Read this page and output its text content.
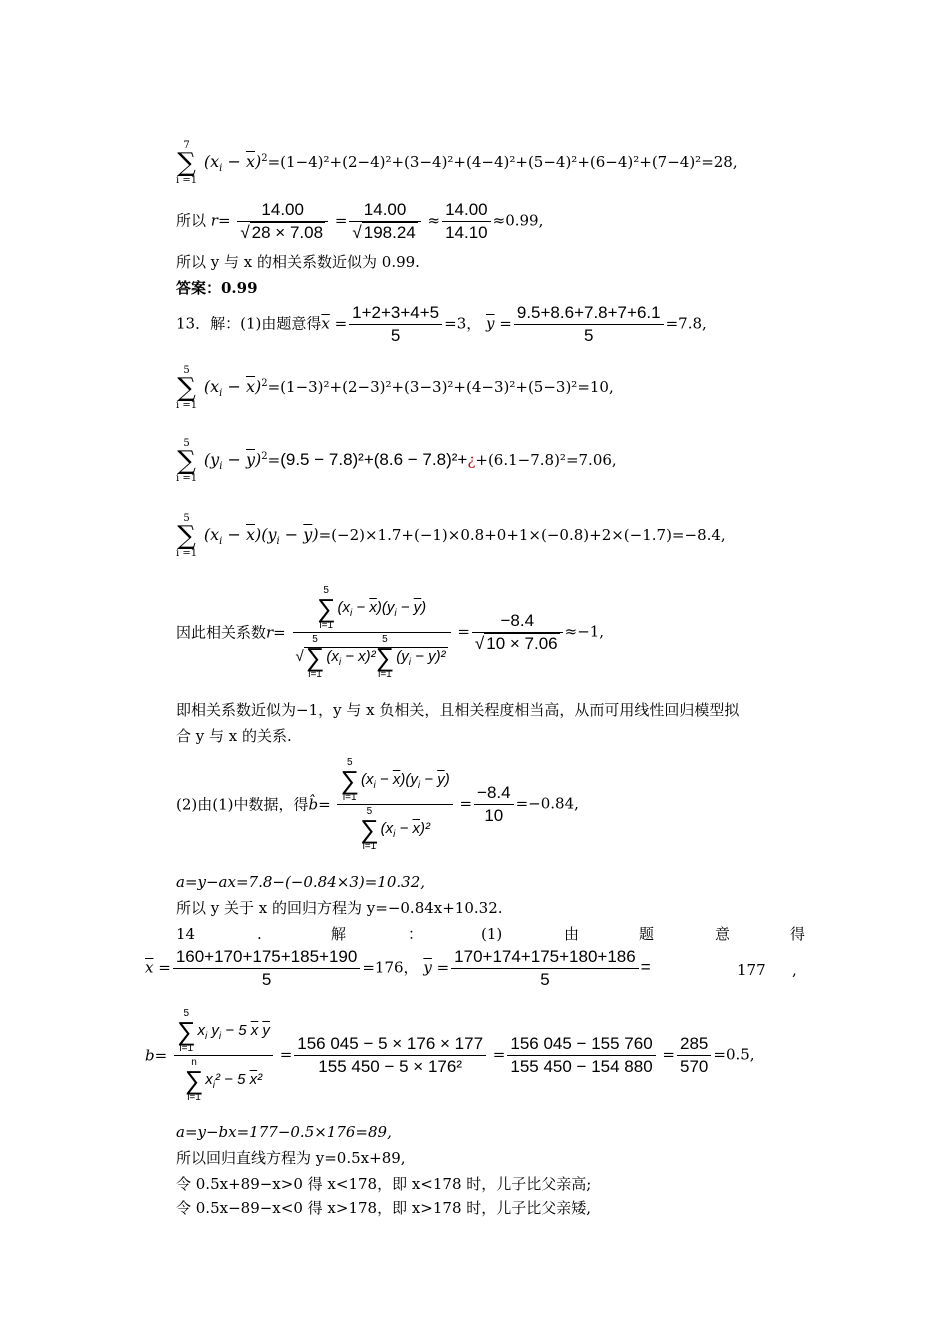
7
∑
i =1
$(x_i - \overline{x})^2=(1-4)^2+(2-4)^2+(3-4)^2+(4-4)^2+(5-4)^2+(6-4)^2+(7-4)^2=28$,
所以 $r= \frac{14.00}{√ 28 \times 7.08} = \frac{14.00}{√ 198.24} \approx \frac{14.00}{14.10} \approx 0.99$,
所以 y 与 x 的相关系数近似为 0.99.
答案：0.99
13．解：(1)由题意得$\overline{x} = \frac{1+2+3+4+5}{5} =3$， $\overline{y} = \frac{9.5+8.6+7.8+7+6.1}{5} =7.8$,
5
∑
i =1
$(x_i - \overline{x})^2=(1-3)^2+(2-3)^2+(3-3)^2+(4-3)^2+(5-3)^2=10$,
5
∑
i =1
$(y_i - \overline{y})^2=(9.5 - 7.8)^2+(8.6$ − 7.8)²+¿+(6.1−7.8)²=7.06,
5
∑
i =1
$(x_i - \overline{x})(y_i - \overline{y})=(-2)\times 1.7+(-1)\times 0.8+0+1\times(-0.8)+2\times(-1.7)=-8.4$,
因此相关系数r= 5
∑
i=1
$(x_i - \overline{x})(y_i - \overline{y})$
√
5
∑
i=1
$(x_i - \overline{x})^2$
5
∑
i=1
$(y_i - \overline{y})^2 = \frac{-8.4}{√ 10 \times 7.06} \approx-1$,
即相关系数近似为−1，y 与 x 负相关，且相关程度相当高，从而可用线性回归模型拟
合 y 与 x 的关系.
(2)由(1)中数据，得b̂= 5
∑
i=1
$(x_i - \overline{x})(y_i - \overline{y})$
5
∑
i=1
$(x_i - \overline{x})^2 = \frac{-8.4}{10} =-0.84$,
a=y−ax=7.8−(−0.84×3)=10.32,
所以 y 关于 x 的回归方程为 y=−0.84x+10.32.
14	.	解	：	(1)	由	题	意	得
$\overline{x} = \frac{160+170+175+185+190}{5} =176$， $\overline{y} = \frac{170+174+175+180+186}{5}$ =	177 ,
b= 5
∑
i=1
$x_i$ $y_i - 5$ $\overline{x}$ $\overline{y}$
n
∑
i=1
$x_i^2 - 5$ $\overline{x}^2 = \frac{156 045 - 5 \times 176 \times 177}{\text{155 450 − 5 × 176²}} = \frac{156 045 - 155 760}{155 450 - 154 880} = \frac{285}{570} =0.5$,
a=y−bx=177−0.5×176=89,
所以回归直线方程为 y=0.5x+89,
令 0.5x+89−x>0 得 x<178，即 x<178 时，儿子比父亲高;
令 0.5x−89−x<0 得 x>178，即 x>178 时，儿子比父亲矮,
